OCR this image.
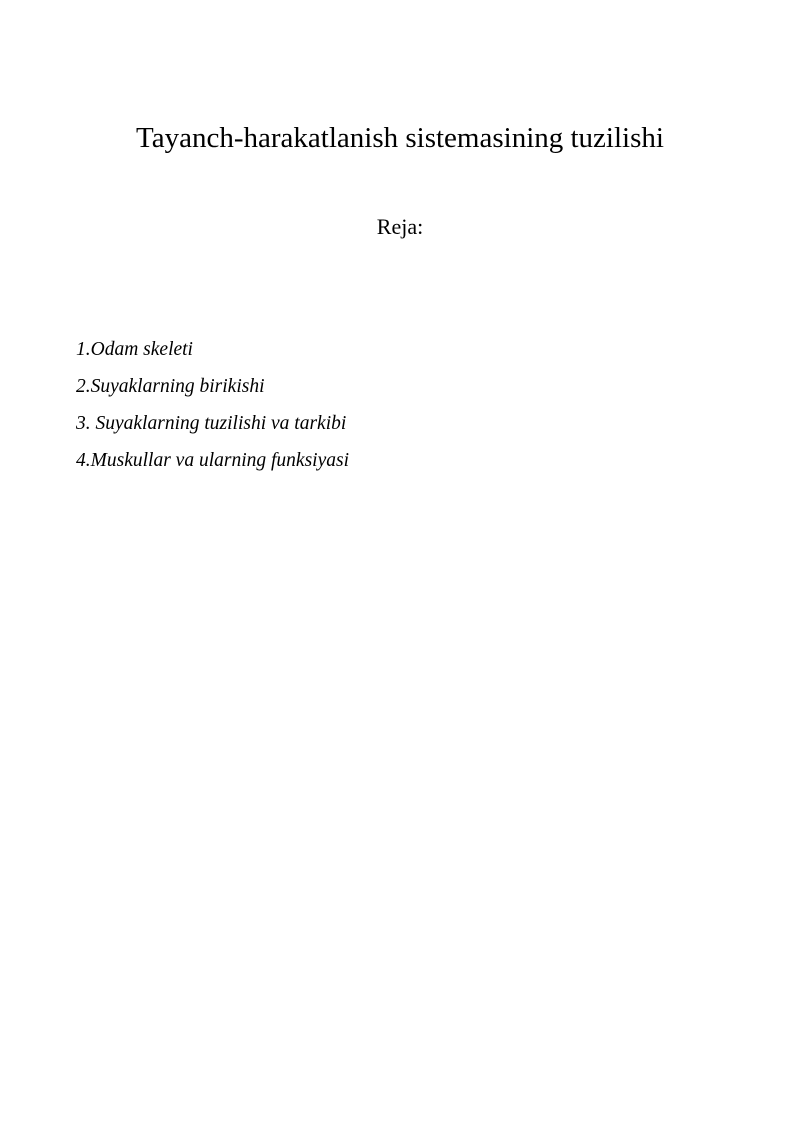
Tayanch-harakatlanish sistemasining tuzilishi

Reja:

1.Odam skeleti
2.Suyaklarning birikishi
3. Suyaklarning tuzilishi va tarkibi
4.Muskullar va ularning funksiyasi
